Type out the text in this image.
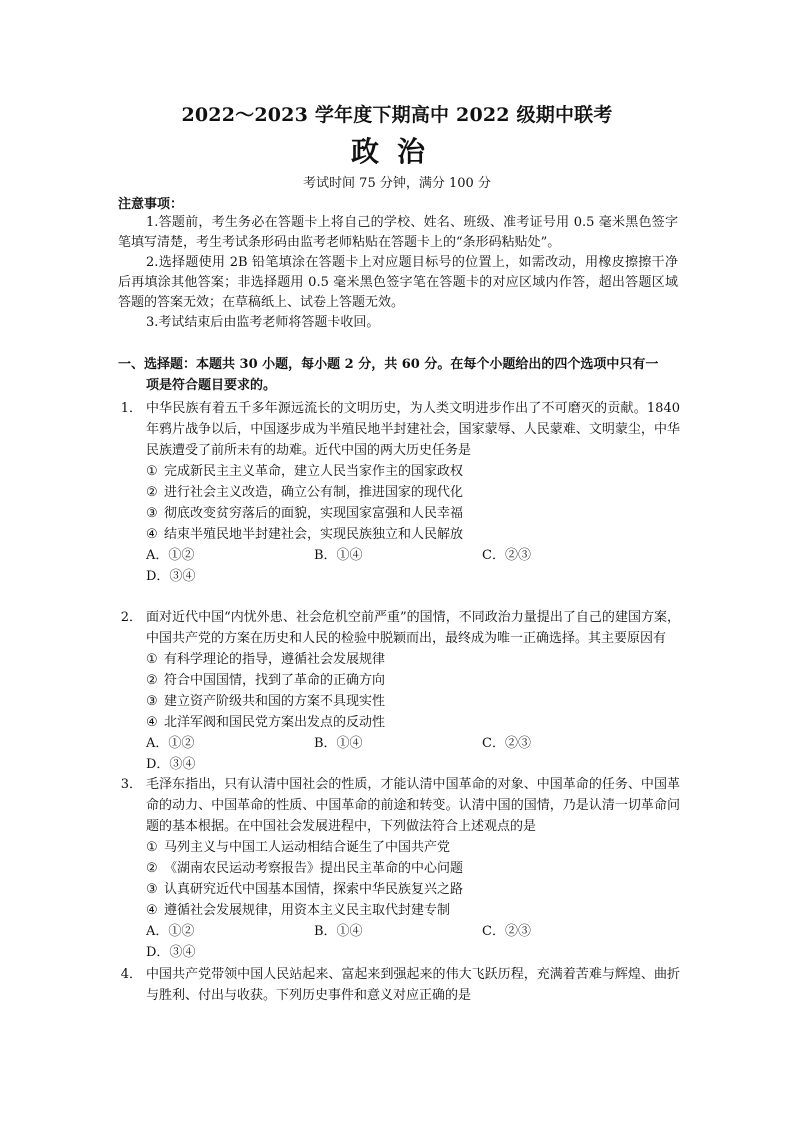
2022～2023 学年度下期高中 2022 级期中联考
政治
考试时间 75 分钟，满分 100 分
注意事项：

1.答题前，考生务必在答题卡上将自己的学校、姓名、班级、准考证号用 0.5 毫米黑色签字笔填写清楚，考生考试条形码由监考老师粘贴在答题卡上的“条形码粘贴处”。

2.选择题使用 2B 铅笔填涂在答题卡上对应题目标号的位置上，如需改动，用橡皮擦擦干净后再填涂其他答案；非选择题用 0.5 毫米黑色签字笔在答题卡的对应区域内作答，超出答题区域答题的答案无效；在草稿纸上、试卷上答题无效。

3.考试结束后由监考老师将答题卡收回。

一、选择题：本题共 30 小题，每小题 2 分，共 60 分。在每个小题给出的四个选项中只有一
项是符合题目要求的。
1． 中华民族有着五千多年源远流长的文明历史，为人类文明进步作出了不可磨灭的贡献。1840 年鸦片战争以后，中国逐步成为半殖民地半封建社会，国家蒙辱、人民蒙难、文明蒙尘，中华民族遭受了前所未有的劫难。近代中国的两大历史任务是
① 完成新民主主义革命，建立人民当家作主的国家政权
② 进行社会主义改造，确立公有制，推进国家的现代化
③ 彻底改变贫穷落后的面貌，实现国家富强和人民幸福
④ 结束半殖民地半封建社会，实现民族独立和人民解放
A．①②	B．①④	C．②③
D．③④
2． 面对近代中国“内忧外患、社会危机空前严重”的国情，不同政治力量提出了自己的建国方案，中国共产党的方案在历史和人民的检验中脱颖而出，最终成为唯一正确选择。其主要原因有
① 有科学理论的指导，遵循社会发展规律
② 符合中国国情，找到了革命的正确方向
③ 建立资产阶级共和国的方案不具现实性
④ 北洋军阀和国民党方案出发点的反动性
A．①②	B．①④	C．②③
D．③④
3． 毛泽东指出，只有认清中国社会的性质，才能认清中国革命的对象、中国革命的任务、中国革命的动力、中国革命的性质、中国革命的前途和转变。认清中国的国情，乃是认清一切革命问题的基本根据。在中国社会发展进程中，下列做法符合上述观点的是
① 马列主义与中国工人运动相结合诞生了中国共产党
② 《湖南农民运动考察报告》提出民主革命的中心问题
③ 认真研究近代中国基本国情，探索中华民族复兴之路
④ 遵循社会发展规律，用资本主义民主取代封建专制
A．①②	B．①④	C．②③
D．③④
4． 中国共产党带领中国人民站起来、富起来到强起来的伟大飞跃历程，充满着苦难与辉煌、曲折与胜利、付出与收获。下列历史事件和意义对应正确的是
